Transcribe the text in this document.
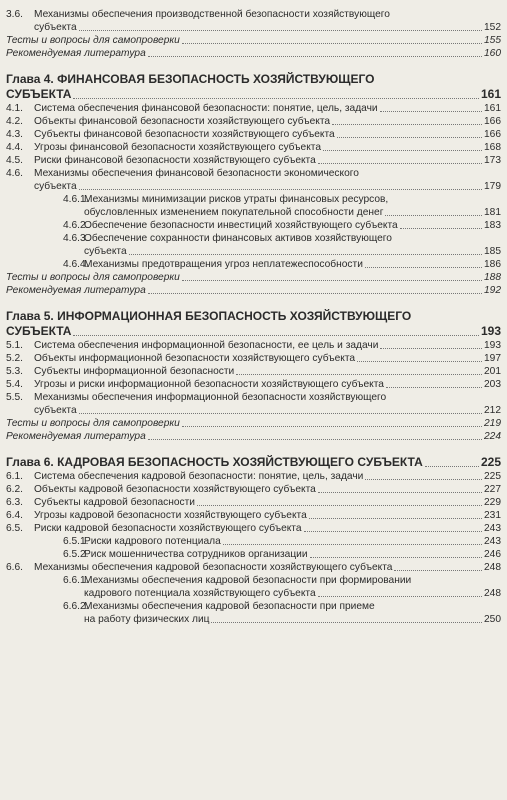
3.6. Механизмы обеспечения производственной безопасности хозяйствующего
субъекта	152
Тесты и вопросы для самопроверки	155
Рекомендуемая литература	160
Глава 4. ФИНАНСОВАЯ БЕЗОПАСНОСТЬ ХОЗЯЙСТВУЮЩЕГО
СУБЪЕКТА	161
4.1. Система обеспечения финансовой безопасности: понятие, цель, задачи	161
4.2. Объекты финансовой безопасности хозяйствующего субъекта	166
4.3. Субъекты финансовой безопасности хозяйствующего субъекта	166
4.4. Угрозы финансовой безопасности хозяйствующего субъекта	168
4.5. Риски финансовой безопасности хозяйствующего субъекта	173
4.6. Механизмы обеспечения финансовой безопасности экономического
субъекта	179
4.6.1.
Механизмы минимизации рисков утраты финансовых ресурсов,
обусловленных изменением покупательной способности денег	181
4.6.2.
Обеспечение безопасности инвестиций хозяйствующего субъекта	183
4.6.3.
Обеспечение сохранности финансовых активов хозяйствующего
субъекта	185
4.6.4.
Механизмы предотвращения угроз неплатежеспособности	186
Тесты и вопросы для самопроверки	188
Рекомендуемая литература	192
Глава 5. ИНФОРМАЦИОННАЯ БЕЗОПАСНОСТЬ ХОЗЯЙСТВУЮЩЕГО
СУБЪЕКТА	193
5.1. Система обеспечения информационной безопасности, ее цель и задачи	193
5.2. Объекты информационной безопасности хозяйствующего субъекта	197
5.3. Субъекты информационной безопасности	201
5.4. Угрозы и риски информационной безопасности хозяйствующего субъекта	203
5.5. Механизмы обеспечения информационной безопасности хозяйствующего
субъекта	212
Тесты и вопросы для самопроверки	219
Рекомендуемая литература	224
Глава 6. КАДРОВАЯ БЕЗОПАСНОСТЬ ХОЗЯЙСТВУЮЩЕГО СУБЪЕКТА	225
6.1. Система обеспечения кадровой безопасности: понятие, цель, задачи	225
6.2. Объекты кадровой безопасности хозяйствующего субъекта	227
6.3. Субъекты кадровой безопасности	229
6.4. Угрозы кадровой безопасности хозяйствующего субъекта	231
6.5. Риски кадровой безопасности хозяйствующего субъекта	243
6.5.1.
Риски кадрового потенциала	243
6.5.2.
Риск мошенничества сотрудников организации	246
6.6. Механизмы обеспечения кадровой безопасности хозяйствующего субъекта	248
6.6.1.
Механизмы обеспечения кадровой безопасности при формировании
кадрового потенциала хозяйствующего субъекта	248
6.6.2.
Механизмы обеспечения кадровой безопасности при приеме
на работу физических лиц	250
